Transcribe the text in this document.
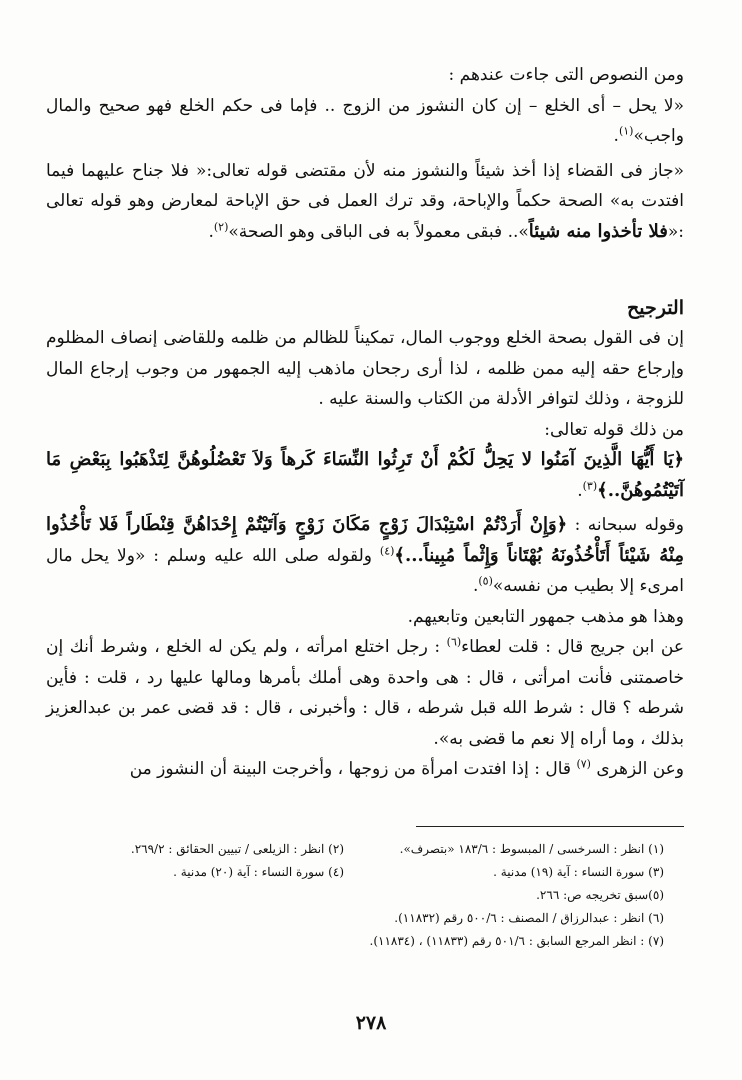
ومن النصوص التى جاءت عندهم :

«لا يحل – أى الخلع – إن كان النشوز من الزوج .. فإما فى حكم الخلع فهو صحيح والمال واجب»$^{(١)}$.

«جاز فى القضاء إذا أخذ شيئاً والنشوز منه لأن مقتضى قوله تعالى:« فلا جناح عليهما فيما افتدت به» الصحة حكماً والإباحة، وقد ترك العمل فى حق الإباحة لمعارض وهو قوله تعالى :«فلا تأخذوا منه شيئاً».. فبقى معمولاً به فى الباقى وهو الصحة»$^{(٢)}$.

الترجيح

إن فى القول بصحة الخلع ووجوب المال، تمكيناً للظالم من ظلمه وللقاضى إنصاف المظلوم وإرجاع حقه إليه ممن ظلمه ، لذا أرى رجحان ماذهب إليه الجمهور من وجوب إرجاع المال للزوجة ، وذلك لتوافر الأدلة من الكتاب والسنة عليه .

من ذلك قوله تعالى:

﴿يَا أَيُّهَا الَّذِينَ آمَنُوا لا يَحِلُّ لَكُمْ أَنْ تَرِثُوا النِّسَاءَ كَرهاً وَلاَ تَعْضُلُوهُنَّ لِتَذْهَبُوا بِبَعْضِ مَا آتَيْتُمُوهُنَّ..﴾$^{(٣)}$.

وقوله سبحانه : ﴿وَإِنْ أَرَدْتُمْ اسْتِبْدَالَ زَوْجٍ مَكَانَ زَوْجٍ وَآتَيْتُمْ إِحْدَاهُنَّ قِنْطَاراً فَلا تَأْخُذُوا مِنْهُ شَيْئاً أَتَأْخُذُونَهُ بُهْتَاناً وَإِثْماً مُبِيناً...﴾$^{(٤)}$ ولقوله صلى الله عليه وسلم : «ولا يحل مال امرىء إلا بطيب من نفسه»$^{(٥)}$.

وهذا هو مذهب جمهور التابعين وتابعيهم.

عن ابن جريج قال : قلت لعطاء$^{(٦)}$ : رجل اختلع امرأته ، ولم يكن له الخلع ، وشرط أنك إن خاصمتنى فأنت امرأتى ، قال : هى واحدة وهى أملك بأمرها ومالها عليها رد ، قلت : فأين شرطه ؟ قال : شرط الله قبل شرطه ، قال : وأخبرنى ، قال : قد قضى عمر بن عبدالعزيز بذلك ، وما أراه إلا نعم ما قضى به».

وعن الزهرى $^{(٧)}$ قال : إذا افتدت امرأة من زوجها ، وأخرجت البينة أن النشوز من

(١) انظر : السرخسى / المبسوط : ١٨٣/٦ «بتصرف».
(٢) انظر : الزيلعى / تبيين الحقائق : ٢٦٩/٢.
(٣) سورة النساء : آية (١٩) مدنية .
(٤) سورة النساء : آية (٢٠) مدنية .
(٥)سبق تخريجه ص: ٢٦٦.
(٦) انظر : عبدالرزاق / المصنف : ٥٠٠/٦ رقم (١١٨٣٢).
(٧) : انظر المرجع السابق : ٥٠١/٦ رقم (١١٨٣٣) ، (١١٨٣٤).
٢٧٨
